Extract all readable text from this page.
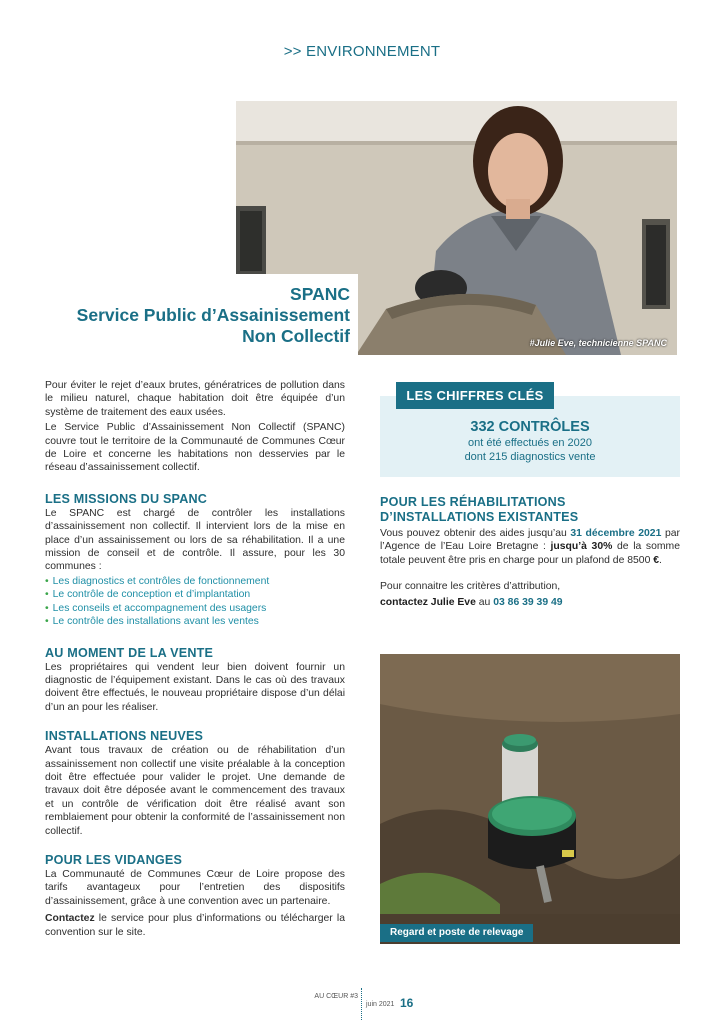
>> ENVIRONNEMENT
#Julie Eve, technicienne SPANC
SPANC
Service Public d’Assainissement
Non Collectif

Pour éviter le rejet d’eaux brutes, génératrices de pollution dans le milieu naturel, chaque habitation doit être équipée d’un système de traitement des eaux usées.

Le Service Public d’Assainissement Non Collectif (SPANC) couvre tout le territoire de la Communauté de Communes Cœur de Loire et concerne les habitations non desservies par le réseau d’assainissement collectif.

LES MISSIONS DU SPANC

Le SPANC est chargé de contrôler les installations d’assainissement non collectif. Il intervient lors de la mise en place d’un assainissement ou lors de sa réhabilitation. Il a une mission de conseil et de contrôle. Il assure, pour les 30 communes :

• Les diagnostics et contrôles de fonctionnement
• Le contrôle de conception et d’implantation
• Les conseils et accompagnement des usagers
• Le contrôle des installations avant les ventes
AU MOMENT DE LA VENTE

Les propriétaires qui vendent leur bien doivent fournir un diagnostic de l’équipement existant. Dans le cas où des travaux doivent être effectués, le nouveau propriétaire dispose d’un délai d’un an pour les réaliser.

INSTALLATIONS NEUVES

Avant tous travaux de création ou de réhabilitation d’un assainissement non collectif une visite préalable à la conception doit être effectuée pour valider le projet. Une demande de travaux doit être déposée avant le commencement des travaux et un contrôle de vérification doit être réalisé avant son remblaiement pour obtenir la conformité de l’assainissement non collectif.

POUR LES VIDANGES

La Communauté de Communes Cœur de Loire propose des tarifs avantageux pour l’entretien des dispositifs d’assainissement, grâce à une convention avec un partenaire.

Contactez le service pour plus d’informations ou télécharger la convention sur le site.

LES CHIFFRES CLÉS
332 CONTRÔLES
ont été effectués en 2020
dont 215 diagnostics vente
POUR LES RÉHABILITATIONS
D’INSTALLATIONS EXISTANTES

Vous pouvez obtenir des aides jusqu’au 31 décembre 2021 par l’Agence de l’Eau Loire Bretagne : jusqu’à 30% de la somme totale peuvent être pris en charge pour un plafond de 8500 €.

Pour connaitre les critères d’attribution,

contactez Julie Eve au 03 86 39 39 49

Regard et poste de relevage
AU CŒUR #3
juin 2021 16
